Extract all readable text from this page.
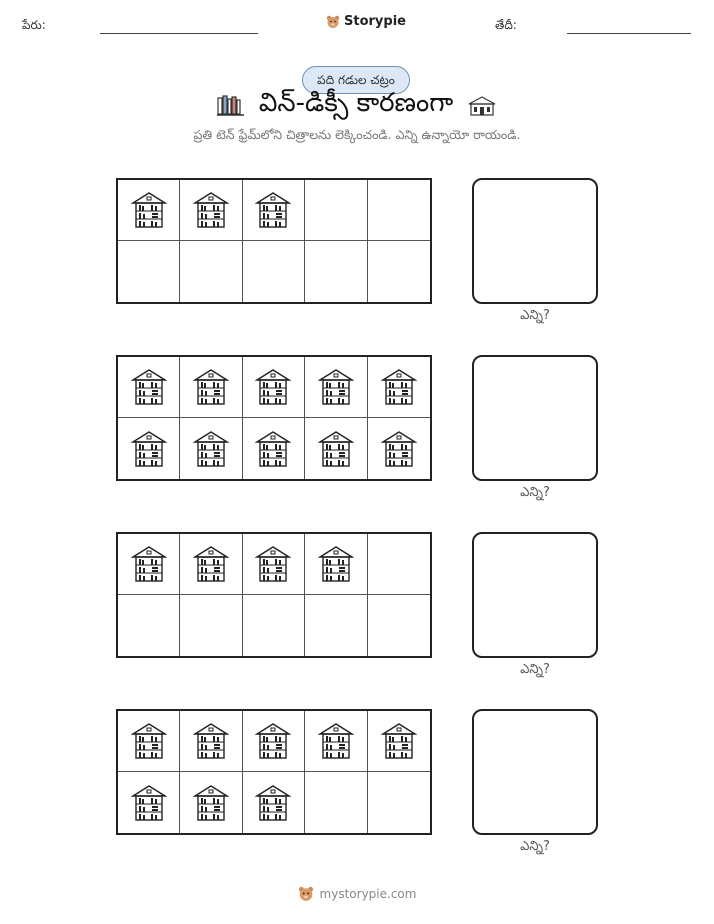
పేరు:	Storypie	తేదీ:
పది గడుల చట్రం
విన్-డిక్సీ కారణంగా
ప్రతి టెన్ ఫ్రేమ్‌లోని చిత్రాలను లెక్కించండి. ఎన్ని ఉన్నాయో రాయండి.
ఎన్ని?
ఎన్ని?
ఎన్ని?
ఎన్ని?
mystorypie.com
